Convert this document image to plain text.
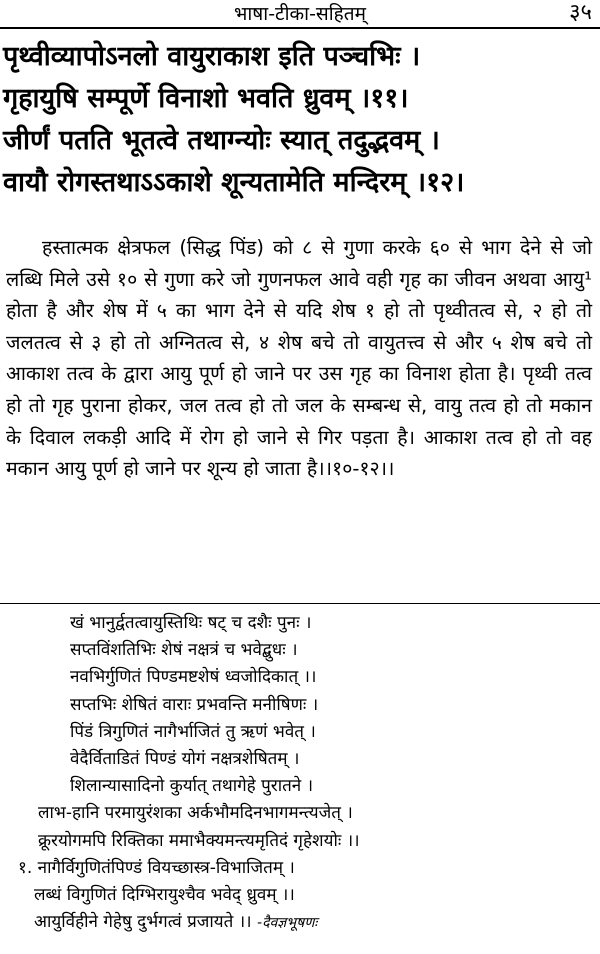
भाषा-टीका-सहितम्	३५
पृथ्वीव्यापोऽनलो वायुराकाश इति पञ्चभिः ।
गृहायुषि सम्पूर्णे विनाशो भवति ध्रुवम् ।११।
जीर्णं पतति भूतत्वे तथाग्न्योः स्यात् तदुद्भवम् ।
वायौ रोगस्तथाऽऽकाशे शून्यतामेति मन्दिरम् ।१२।

हस्तात्मक क्षेत्रफल (सिद्ध पिंड) को ८ से गुणा करके ६० से भाग देने से जो लब्धि मिले उसे १० से गुणा करे जो गुणनफल आवे वही गृह का जीवन अथवा आयु¹ होता है और शेष में ५ का भाग देने से यदि शेष १ हो तो पृथ्वीतत्व से, २ हो तो जलतत्व से ३ हो तो अग्नितत्व से, ४ शेष बचे तो वायुतत्त्व से और ५ शेष बचे तो आकाश तत्व के द्वारा आयु पूर्ण हो जाने पर उस गृह का विनाश होता है। पृथ्वी तत्व हो तो गृह पुराना होकर, जल तत्व हो तो जल के सम्बन्ध से, वायु तत्व हो तो मकान के दिवाल लकड़ी आदि में रोग हो जाने से गिर पड़ता है। आकाश तत्व हो तो वह मकान आयु पूर्ण हो जाने पर शून्य हो जाता है।।१०-१२।।

खं भानुर्द्वतत्वायुस्तिथिः षट् च दशैः पुनः ।
सप्तविंशतिभिः शेषं नक्षत्रं च भवेद्बुधः ।
नवभिर्गुणितं पिण्डमष्टशेषं ध्वजोदिकात् ।।
सप्तभिः शेषितं वाराः प्रभवन्ति मनीषिणः ।
पिंडं त्रिगुणितं नागैर्भाजितं तु ऋणं भवेत् ।
वेदैर्विताडितं पिण्डं योगं नक्षत्रशेषितम् ।
शिलान्यासादिनो कुर्यात् तथागेहे पुरातने ।
लाभ-हानि परमायुरंशका अर्कभौमदिनभागमन्त्यजेत् ।
क्रूरयोगमपि रिक्तिका ममाभैक्यमन्त्यमृतिदं गृहेशयोः ।।
१. नागैर्विगुणितंपिण्डं वियच्छास्त्र-विभाजितम् ।
लब्धं विगुणितं दिग्भिरायुश्चैव भवेद् ध्रुवम् ।।
आयुर्विहीने गेहेषु दुर्भगत्वं प्रजायते ।। -दैवज्ञभूषणः
